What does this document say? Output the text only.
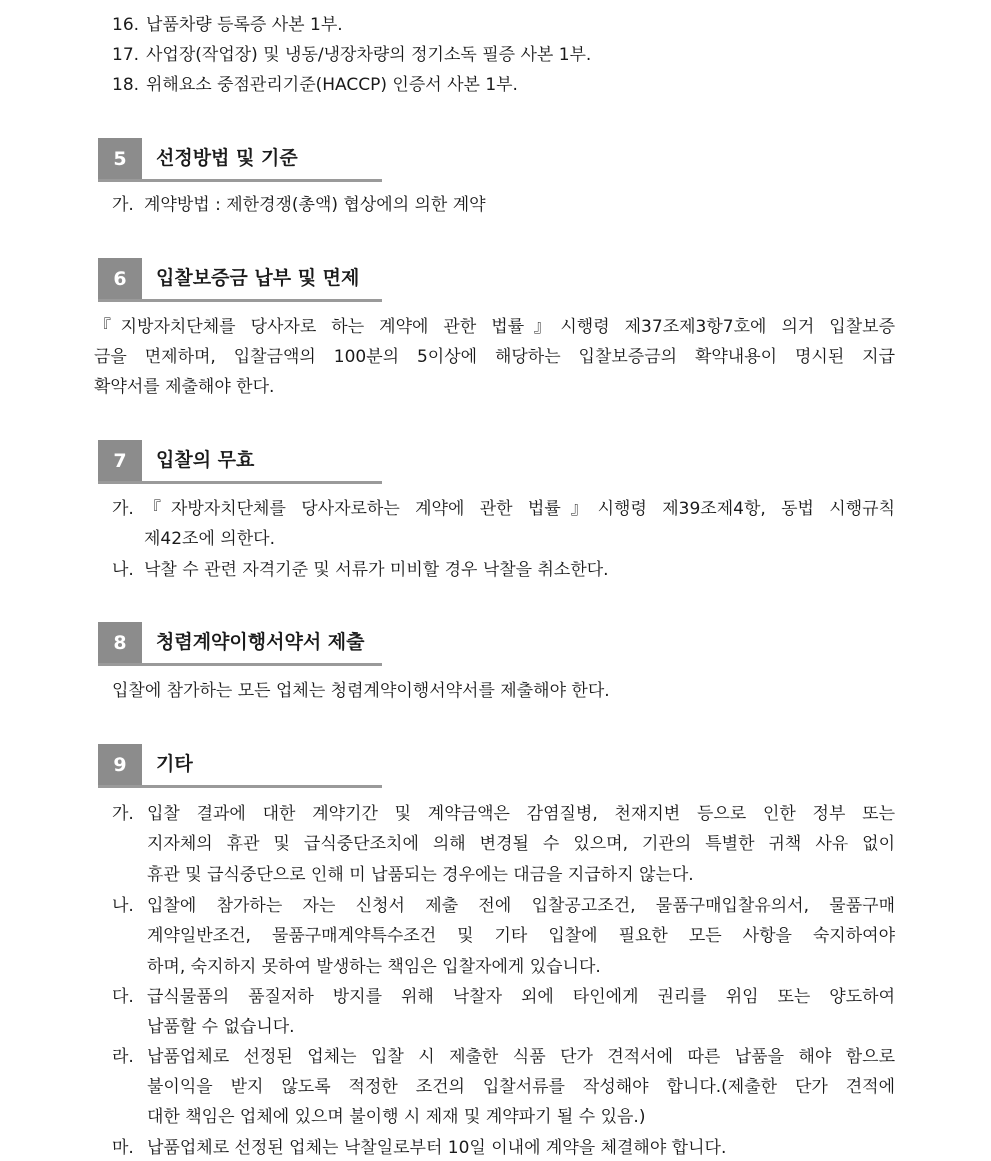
16. 납품차량 등록증 사본 1부.
17. 사업장(작업장) 및 냉동/냉장차량의 정기소독 필증 사본 1부.
18. 위해요소 중점관리기준(HACCP) 인증서 사본 1부.
5	선정방법 및 기준
가. 계약방법 : 제한경쟁(총액) 협상에의 의한 계약
6	입찰보증금 납부 및 면제
『지방자치단체를 당사자로 하는 계약에 관한 법률』시행령 제37조제3항7호에 의거 입찰보증
금을 면제하며, 입찰금액의 100분의 5이상에 해당하는 입찰보증금의 확약내용이 명시된 지급
확약서를 제출해야 한다.
7	입찰의 무효
가. 『자방자치단체를 당사자로하는 계약에 관한 법률』시행령 제39조제4항, 동법 시행규칙
제42조에 의한다.
나. 낙찰 수 관련 자격기준 및 서류가 미비할 경우 낙찰을 취소한다.
8	청렴계약이행서약서 제출
입찰에 참가하는 모든 업체는 청렴계약이행서약서를 제출해야 한다.
9	기타
가. 입찰 결과에 대한 계약기간 및 계약금액은 감염질병, 천재지변 등으로 인한 정부 또는
지자체의 휴관 및 급식중단조치에 의해 변경될 수 있으며, 기관의 특별한 귀책 사유 없이
휴관 및 급식중단으로 인해 미 납품되는 경우에는 대금을 지급하지 않는다.
나. 입찰에 참가하는 자는 신청서 제출 전에 입찰공고조건, 물품구매입찰유의서, 물품구매
계약일반조건, 물품구매계약특수조건 및 기타 입찰에 필요한 모든 사항을 숙지하여야
하며, 숙지하지 못하여 발생하는 책임은 입찰자에게 있습니다.
다. 급식물품의 품질저하 방지를 위해 낙찰자 외에 타인에게 권리를 위임 또는 양도하여
납품할 수 없습니다.
라. 납품업체로 선정된 업체는 입찰 시 제출한 식품 단가 견적서에 따른 납품을 해야 함으로
불이익을 받지 않도록 적정한 조건의 입찰서류를 작성해야 합니다.(제출한 단가 견적에
대한 책임은 업체에 있으며 불이행 시 제재 및 계약파기 될 수 있음.)
마. 납품업체로 선정된 업체는 낙찰일로부터 10일 이내에 계약을 체결해야 합니다.
